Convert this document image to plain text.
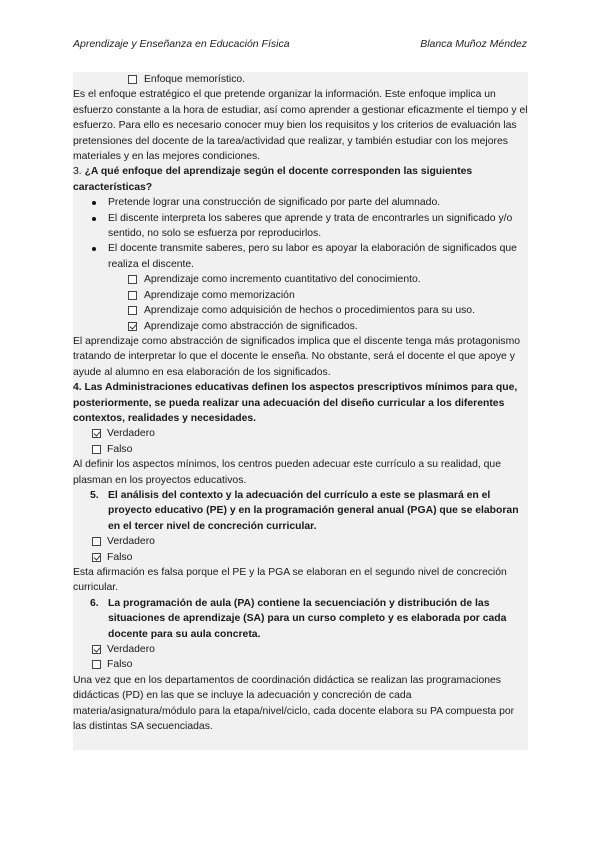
Aprendizaje y Enseñanza en Educación Física	Blanca Muñoz Méndez
Enfoque memorístico.

Es el enfoque estratégico el que pretende organizar la información. Este enfoque implica un esfuerzo constante a la hora de estudiar, así como aprender a gestionar eficazmente el tiempo y el esfuerzo. Para ello es necesario conocer muy bien los requisitos y los criterios de evaluación las pretensiones del docente de la tarea/actividad que realizar, y también estudiar con los mejores materiales y en las mejores condiciones.

3. ¿A qué enfoque del aprendizaje según el docente corresponden las siguientes características?

Pretende lograr una construcción de significado por parte del alumnado.
El discente interpreta los saberes que aprende y trata de encontrarles un significado y/o sentido, no solo se esfuerza por reproducirlos.
El docente transmite saberes, pero su labor es apoyar la elaboración de significados que realiza el discente.
Aprendizaje como incremento cuantitativo del conocimiento.
Aprendizaje como memorización
Aprendizaje como adquisición de hechos o procedimientos para su uso.
Aprendizaje como abstracción de significados.

El aprendizaje como abstracción de significados implica que el discente tenga más protagonismo tratando de interpretar lo que el docente le enseña. No obstante, será el docente el que apoye y ayude al alumno en esa elaboración de los significados.

4. Las Administraciones educativas definen los aspectos prescriptivos mínimos para que, posteriormente, se pueda realizar una adecuación del diseño curricular a los diferentes contextos, realidades y necesidades.

Verdadero
Falso

Al definir los aspectos mínimos, los centros pueden adecuar este currículo a su realidad, que plasman en los proyectos educativos.

5. El análisis del contexto y la adecuación del currículo a este se plasmará en el proyecto educativo (PE) y en la programación general anual (PGA) que se elaboran en el tercer nivel de concreción curricular.
Verdadero
Falso

Esta afirmación es falsa porque el PE y la PGA se elaboran en el segundo nivel de concreción curricular.

6. La programación de aula (PA) contiene la secuenciación y distribución de las situaciones de aprendizaje (SA) para un curso completo y es elaborada por cada docente para su aula concreta.
Verdadero
Falso

Una vez que en los departamentos de coordinación didáctica se realizan las programaciones didácticas (PD) en las que se incluye la adecuación y concreción de cada materia/asignatura/módulo para la etapa/nivel/ciclo, cada docente elabora su PA compuesta por las distintas SA secuenciadas.
